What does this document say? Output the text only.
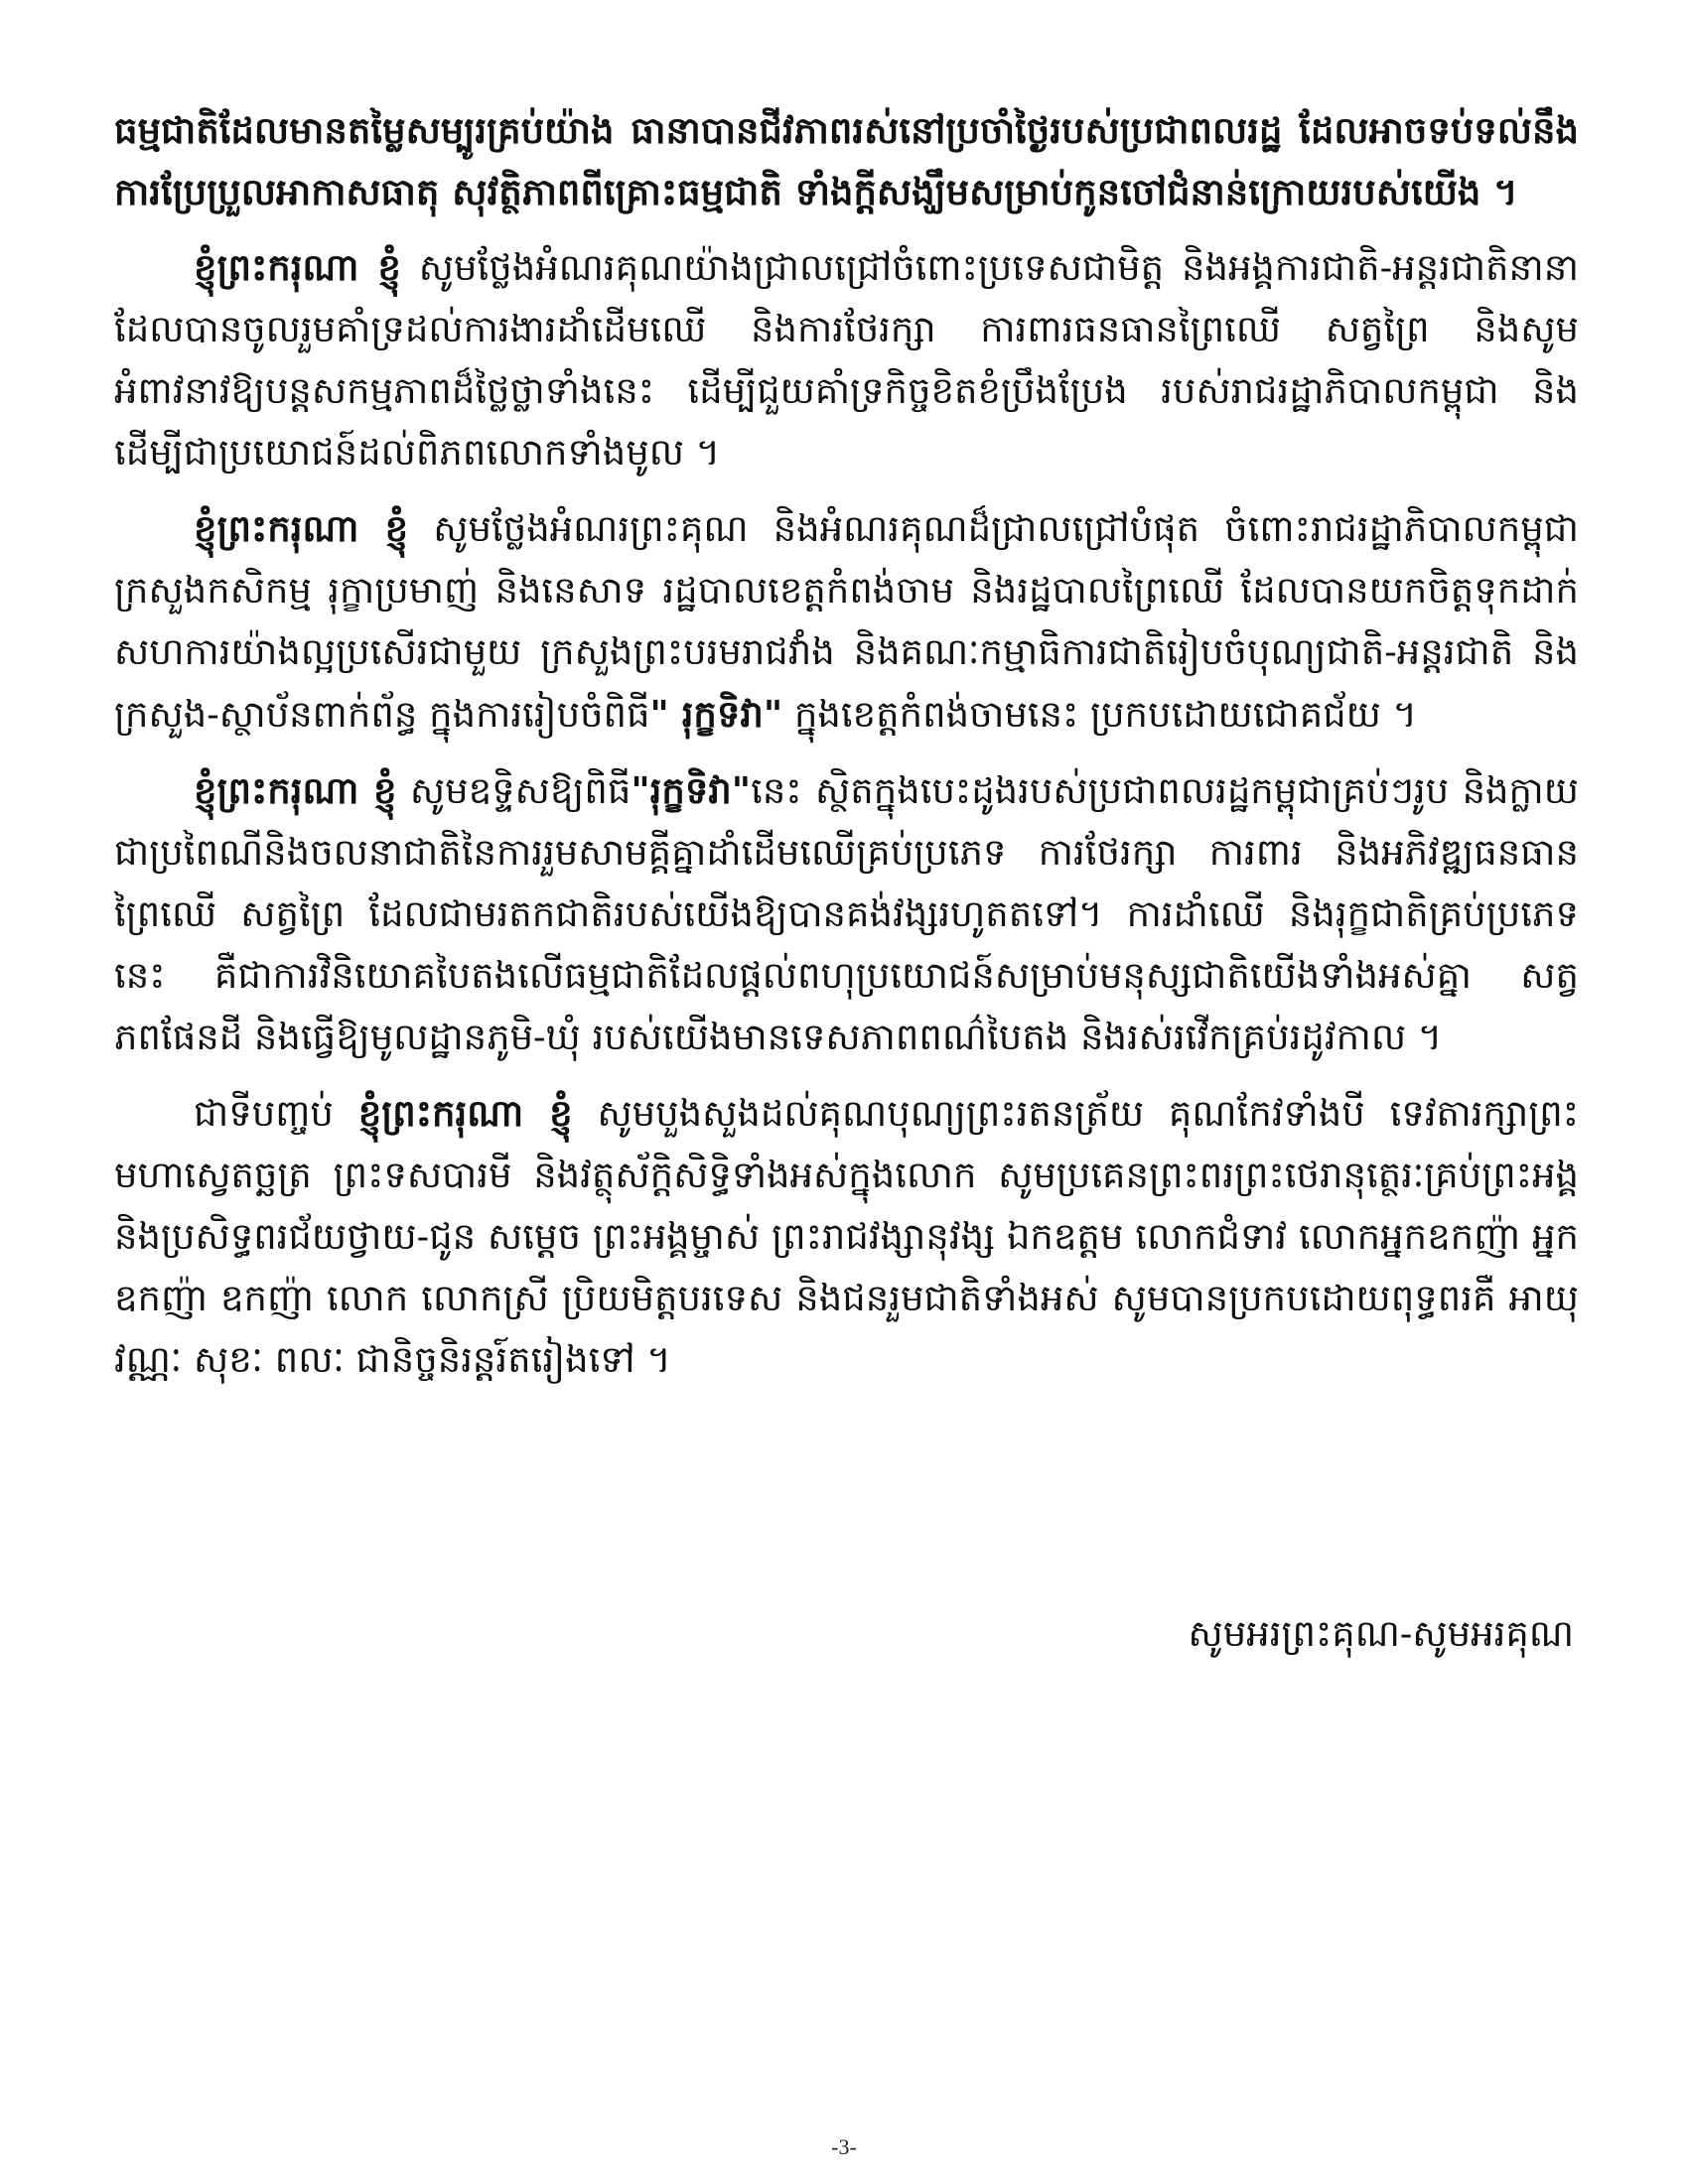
ធម្មជាតិដែលមានតម្លៃសម្បូរគ្រប់យ៉ាង ធានាបានជីវភាពរស់នៅប្រចាំថ្ងៃរបស់ប្រជាពលរដ្ឋ ដែលអាចទប់ទល់នឹងការប្រែប្រួលអាកាសធាតុ សុវត្ថិភាពពីគ្រោះធម្មជាតិ ទាំងក្ដីសង្ឃឹមសម្រាប់កូនចៅជំនាន់ក្រោយរបស់យើង ។

ខ្ញុំព្រះករុណា ខ្ញុំ សូមថ្លែងអំណរគុណយ៉ាងជ្រាលជ្រៅចំពោះប្រទេសជាមិត្ត និងអង្គការជាតិ-អន្តរជាតិនានា ដែលបានចូលរួមគាំទ្រដល់ការងារដាំដើមឈើ និងការថែរក្សា ការពារធនធានព្រៃឈើ សត្វព្រៃ និងសូមអំពាវនាវឱ្យបន្តសកម្មភាពដ៏ថ្លៃថ្លាទាំងនេះ ដើម្បីជួយគាំទ្រកិច្ចខិតខំប្រឹងប្រែង របស់រាជរដ្ឋាភិបាលកម្ពុជា និងដើម្បីជាប្រយោជន៍ដល់ពិភពលោកទាំងមូល ។

ខ្ញុំព្រះករុណា ខ្ញុំ សូមថ្លែងអំណរព្រះគុណ និងអំណរគុណដ៏ជ្រាលជ្រៅបំផុត ចំពោះរាជរដ្ឋាភិបាលកម្ពុជា ក្រសួងកសិកម្ម រុក្ខាប្រមាញ់ និងនេសាទ រដ្ឋបាលខេត្តកំពង់ចាម និងរដ្ឋបាលព្រៃឈើ ដែលបានយកចិត្តទុកដាក់សហការយ៉ាងល្អប្រសើរជាមួយ ក្រសួងព្រះបរមរាជវាំង និងគណៈកម្មាធិការជាតិរៀបចំបុណ្យជាតិ-អន្តរជាតិ និងក្រសួង-ស្ថាប័នពាក់ព័ន្ធ ក្នុងការរៀបចំពិធី" រុក្ខទិវា" ក្នុងខេត្តកំពង់ចាមនេះ ប្រកបដោយជោគជ័យ ។

ខ្ញុំព្រះករុណា ខ្ញុំ សូមឧទ្ទិសឱ្យពិធី"រុក្ខទិវា"នេះ ស្ថិតក្នុងបេះដូងរបស់ប្រជាពលរដ្ឋកម្ពុជាគ្រប់ៗរូប និងក្លាយជាប្រពៃណីនិងចលនាជាតិនៃការរួមសាមគ្គីគ្នាដាំដើមឈើគ្រប់ប្រភេទ ការថែរក្សា ការពារ និងអភិវឌ្ឍធនធានព្រៃឈើ សត្វព្រៃ ដែលជាមរតកជាតិរបស់យើងឱ្យបានគង់វង្សរហូតតទៅ។ ការដាំឈើ និងរុក្ខជាតិគ្រប់ប្រភេទនេះ គឺជាការវិនិយោគបៃតងលើធម្មជាតិដែលផ្ដល់ពហុប្រយោជន៍សម្រាប់មនុស្សជាតិយើងទាំងអស់គ្នា សត្វ ភពផែនដី និងធ្វើឱ្យមូលដ្ឋានភូមិ-ឃុំ របស់យើងមានទេសភាពពណ៌បៃតង និងរស់រវើកគ្រប់រដូវកាល ។

ជាទីបញ្ចប់ ខ្ញុំព្រះករុណា ខ្ញុំ សូមបួងសួងដល់គុណបុណ្យព្រះរតនត្រ័យ គុណកែវទាំងបី ទេវតារក្សាព្រះមហាស្វេតច្ឆត្រ ព្រះទសបារមី និងវត្ថុស័ក្តិសិទ្ធិទាំងអស់ក្នុងលោក សូមប្រគេនព្រះពរព្រះថេរានុត្ថេរៈគ្រប់ព្រះអង្គ និងប្រសិទ្ធពរជ័យថ្វាយ-ជូន សម្ដេច ព្រះអង្គម្ចាស់ ព្រះរាជវង្សានុវង្ស ឯកឧត្តម លោកជំទាវ លោកអ្នកឧកញ៉ា អ្នកឧកញ៉ា ឧកញ៉ា លោក លោកស្រី ប្រិយមិត្តបរទេស និងជនរួមជាតិទាំងអស់ សូមបានប្រកបដោយពុទ្ធពរគឺ អាយុ វណ្ណៈ សុខៈ ពលៈ ជានិច្ចនិរន្តរ៍តរៀងទៅ ។

សូមអរព្រះគុណ-សូមអរគុណ
-3-
